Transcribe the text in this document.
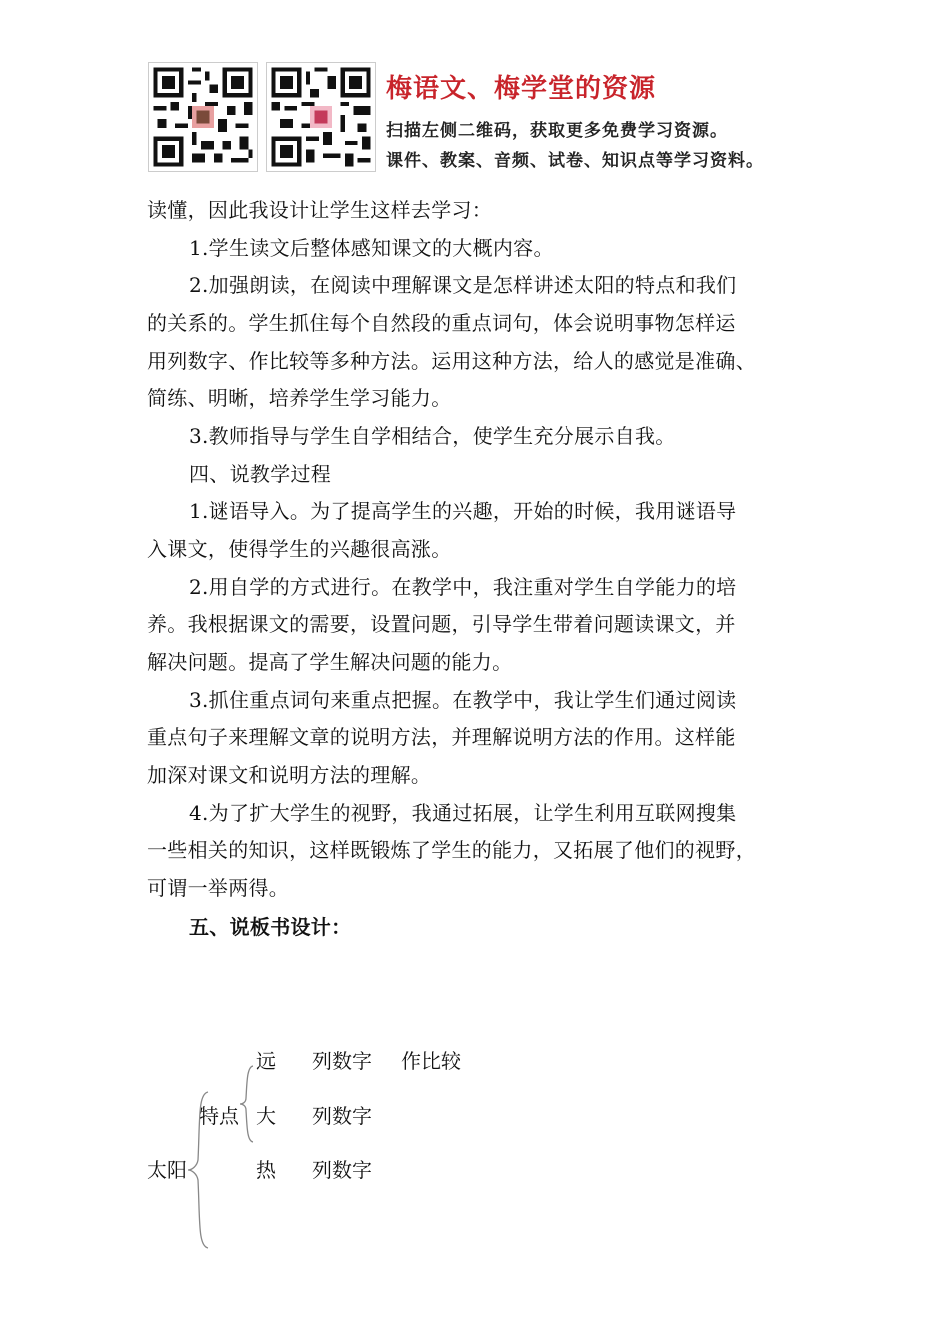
梅语文、梅学堂的资源
扫描左侧二维码，获取更多免费学习资源。
课件、教案、音频、试卷、知识点等学习资料。
读懂，因此我设计让学生这样去学习：
1.学生读文后整体感知课文的大概内容。
2.加强朗读，在阅读中理解课文是怎样讲述太阳的特点和我们
的关系的。学生抓住每个自然段的重点词句，体会说明事物怎样运
用列数字、作比较等多种方法。运用这种方法，给人的感觉是准确、
简练、明晰，培养学生学习能力。
3.教师指导与学生自学相结合，使学生充分展示自我。
四、说教学过程
1.谜语导入。为了提高学生的兴趣，开始的时候，我用谜语导
入课文，使得学生的兴趣很高涨。
2.用自学的方式进行。在教学中，我注重对学生自学能力的培
养。我根据课文的需要，设置问题，引导学生带着问题读课文，并
解决问题。提高了学生解决问题的能力。
3.抓住重点词句来重点把握。在教学中，我让学生们通过阅读
重点句子来理解文章的说明方法，并理解说明方法的作用。这样能
加深对课文和说明方法的理解。
4.为了扩大学生的视野，我通过拓展，让学生利用互联网搜集
一些相关的知识，这样既锻炼了学生的能力，又拓展了他们的视野，
可谓一举两得。
五、说板书设计：
太阳
特点
远 列数字 作比较
大 列数字
热 列数字
